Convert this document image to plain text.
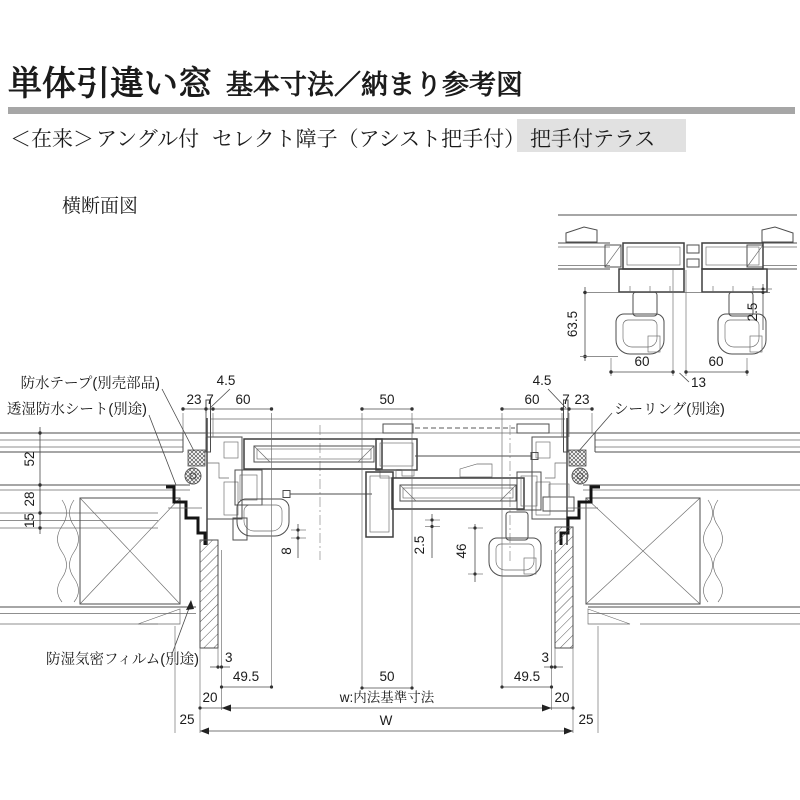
単体引違い窓 基本寸法／納まり参考図
＜在来＞ アングル付 セレクト障子（アシスト把手付） 把手付テラス
横断面図
63.5	2.5
60	60
13
23 7 60	50	60 7 23
4.5	4.5
防水テープ(別売部品)
透湿防水シート(別途)	シーリング(別途)
防湿気密フィルム(別途)
52
28
15
8	2.5 46
3	3
49.5	49.5
50
w:内法基準寸法
20	20
25	25
W
